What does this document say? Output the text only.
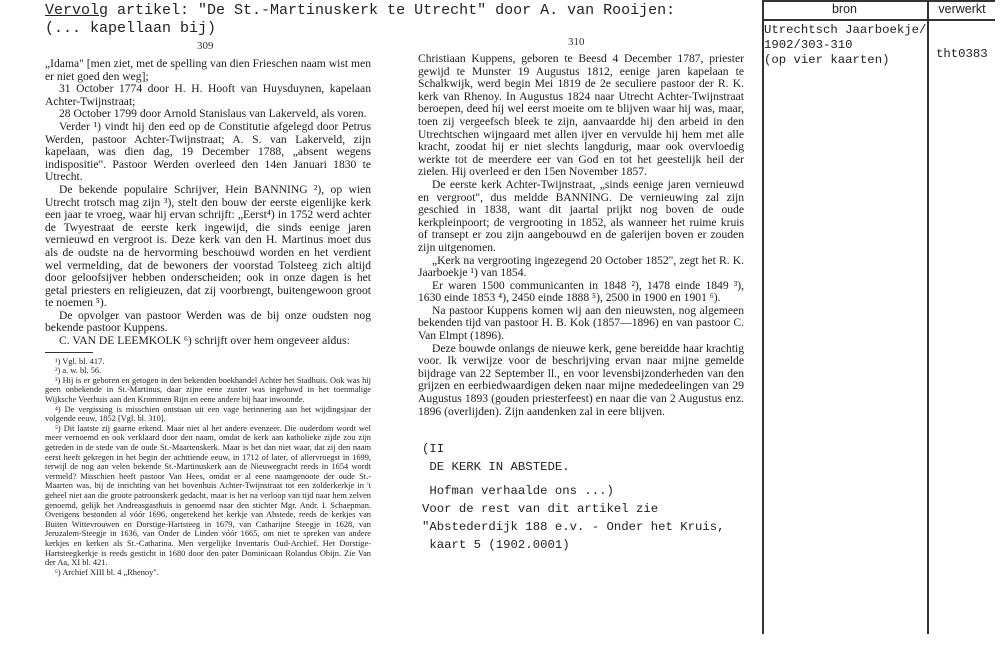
Vervolg artikel: "De St.-Martinuskerk te Utrecht" door A. van Rooijen:
(... kapellaan bij)
309	310

„Idama" [men ziet, met de spelling van dien Frieschen naam wist men er niet goed den weg];

31 October 1774 door H. H. Hooft van Huysduynen, kapelaan Achter-Twijnstraat;

28 October 1799 door Arnold Stanislaus van Lakerveld, als voren.

Verder ¹) vindt hij den eed op de Constitutie afgelegd door Petrus Werden, pastoor Achter-Twijnstraat; A. S. van Lakerveld, zijn kapelaan, was dien dag, 19 December 1788, „absent wegens indispositie". Pastoor Werden overleed den 14en Januari 1830 te Utrecht.

De bekende populaire Schrijver, Hein BANNING ²), op wien Utrecht trotsch mag zijn ³), stelt den bouw der eerste eigenlijke kerk een jaar te vroeg, waar hij ervan schrijft: „Eerst⁴) in 1752 werd achter de Twyestraat de eerste kerk ingewijd, die sinds eenige jaren vernieuwd en vergroot is. Deze kerk van den H. Martinus moet dus als de oudste na de hervorming beschouwd worden en het verdient wel vermelding, dat de bewoners der voorstad Tolsteeg zich altijd door geloofsijver hebben onderscheiden; ook in onze dagen is het getal priesters en religieuzen, dat zij voorbrengt, buitengewoon groot te noemen ⁵).

De opvolger van pastoor Werden was de bij onze oudsten nog bekende pastoor Kuppens.

C. VAN DE LEEMKOLK ⁶) schrijft over hem ongeveer aldus:

¹) Vgl. bl. 417.

²) a. w. bl. 56.

³) Hij is er geboren en getogen in den bekenden boekhandel Achter het Stadhuis. Ook was hij geen onbekende in St.-Martinus, daar zijne eene zuster was ingehuwd in het toenmalige Wijksche Veerhuis aan den Krommen Rijn en eene andere bij haar inwoonde.

⁴) De vergissing is misschien ontstaan uit een vage herinnering aan het wijdingsjaar der volgende eeuw, 1852 [Vgl. bl. 310].

⁵) Dit laatste zij gaarne erkend. Maar niet al het andere evenzeer. Die ouderdom wordt wel meer vernoemd en ook verklaard door den naam, omdat de kerk aan katholieke zijde zou zijn getreden in de stede van de oude St.-Maartenskerk. Maar is het dan niet waar, dat zij den naam eerst heeft gekregen in het begin der achttiende eeuw, in 1712 of later, of allervroegst in 1699, terwijl de nog aan velen bekende St.-Martinuskerk aan de Nieuwegracht reeds in 1654 wordt vermeld? Misschien heeft pastoor Van Hees, omdat er al eene naamgenoote der oude St.-Maarten was, bij de inrichting van het bovenhuis Achter-Twijnstraat tot een zolderkerkje in 't geheel niet aan die groote patroonskerk gedacht, maar is het na verloop van tijd naar hem zelven genoemd, gelijk het Andreasgasthuis is genoemd naar den stichter Mgr. Andr. I. Schaepman. Overigens bestonden al vóór 1696, ongerekend het kerkje van Abstede, reeds de kerkjes van Buiten Wittevrouwen en Dorstige-Hartsteeg in 1679, van Catharijne Steegje in 1628, van Jeruzalem-Steegje in 1636, van Onder de Linden vóór 1665, om niet te spreken van andere kerkjes en kerken als St.-Catharina. Men vergelijke Inventaris Oud-Archief. Het Dorstige-Hartsteegkerkje is reeds gesticht in 1680 door den pater Dominicaan Rolandus Obijn. Zie Van der Aa, XI bl. 421.

⁶) Archief XIII bl. 4 „Rhenoy".

Christiaan Kuppens, geboren te Beesd 4 December 1787, priester gewijd te Munster 19 Augustus 1812, eenige jaren kapelaan te Schalkwijk, werd begin Mei 1819 de 2e seculiere pastoor der R. K. kerk van Rhenoy. In Augustus 1824 naar Utrecht Achter-Twijnstraat beroepen, deed hij wel eerst moeite om te blijven waar hij was, maar, toen zij vergeefsch bleek te zijn, aanvaardde hij den arbeid in den Utrechtschen wijngaard met allen ijver en vervulde hij hem met alle kracht, zoodat hij er niet slechts langdurig, maar ook overvloedig werkte tot de meerdere eer van God en tot het geestelijk heil der zielen. Hij overleed er den 15en November 1857.

De eerste kerk Achter-Twijnstraat, „sinds eenige jaren vernieuwd en vergroot", dus meldde BANNING. De vernieuwing zal zijn geschied in 1838, want dit jaartal prijkt nog boven de oude kerkpleinpoort; de vergrooting in 1852, als wanneer het ruime kruis of transept er zou zijn aangebouwd en de galerijen boven er zouden zijn uitgenomen.

„Kerk na vergrooting ingezegend 20 October 1852", zegt het R. K. Jaarboekje ¹) van 1854.

Er waren 1500 communicanten in 1848 ²), 1478 einde 1849 ³), 1630 einde 1853 ⁴), 2450 einde 1888 ⁵), 2500 in 1900 en 1901 ⁶).

Na pastoor Kuppens komen wij aan den nieuwsten, nog algemeen bekenden tijd van pastoor H. B. Kok (1857—1896) en van pastoor C. Van Elmpt (1896).

Deze bouwde onlangs de nieuwe kerk, gene bereidde haar krachtig voor. Ik verwijze voor de beschrijving ervan naar mijne gemelde bijdrage van 22 September ll., en voor levensbijzonderheden van den grijzen en eerbiedwaardigen deken naar mijne mededeelingen van 29 Augustus 1893 (gouden priesterfeest) en naar die van 2 Augustus enz. 1896 (overlijden). Zijn aandenken zal in eere blijven.

(II
DE KERK IN ABSTEDE.
Hofman verhaalde ons ...)
Voor de rest van dit artikel zie
"Abstederdijk 188 e.v. - Onder het Kruis,
kaart 5 (1902.0001)
bron	verwerkt
Utrechtsch Jaarboekje/
1902/303-310
(op vier kaarten)	tht0383
